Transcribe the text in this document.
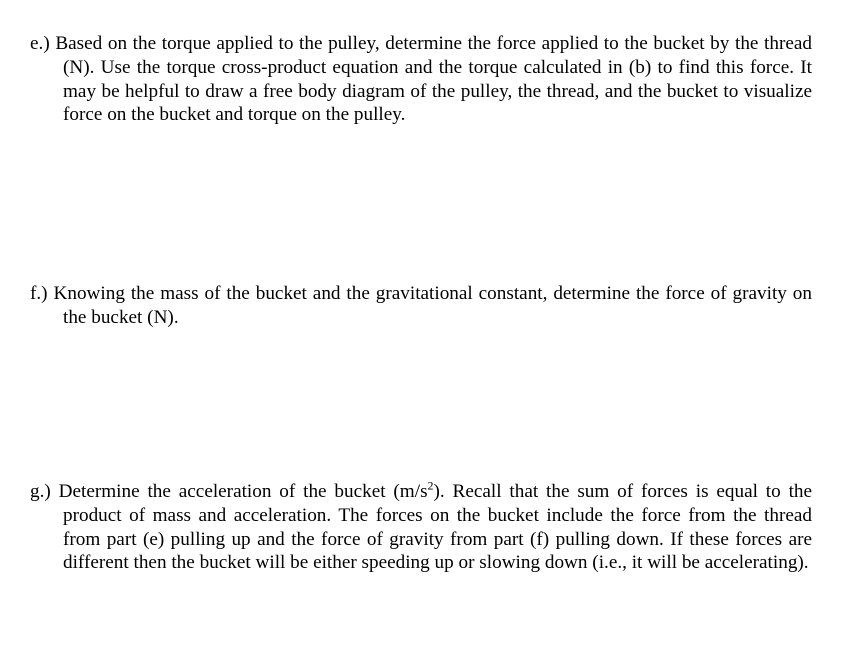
e.) Based on the torque applied to the pulley, determine the force applied to the bucket by the thread (N). Use the torque cross-product equation and the torque calculated in (b) to find this force. It may be helpful to draw a free body diagram of the pulley, the thread, and the bucket to visualize force on the bucket and torque on the pulley.
f.) Knowing the mass of the bucket and the gravitational constant, determine the force of gravity on the bucket (N).
g.) Determine the acceleration of the bucket $(m/s^2)$. Recall that the sum of forces is equal to the product of mass and acceleration. The forces on the bucket include the force from the thread from part (e) pulling up and the force of gravity from part (f) pulling down. If these forces are different then the bucket will be either speeding up or slowing down (i.e., it will be accelerating).
